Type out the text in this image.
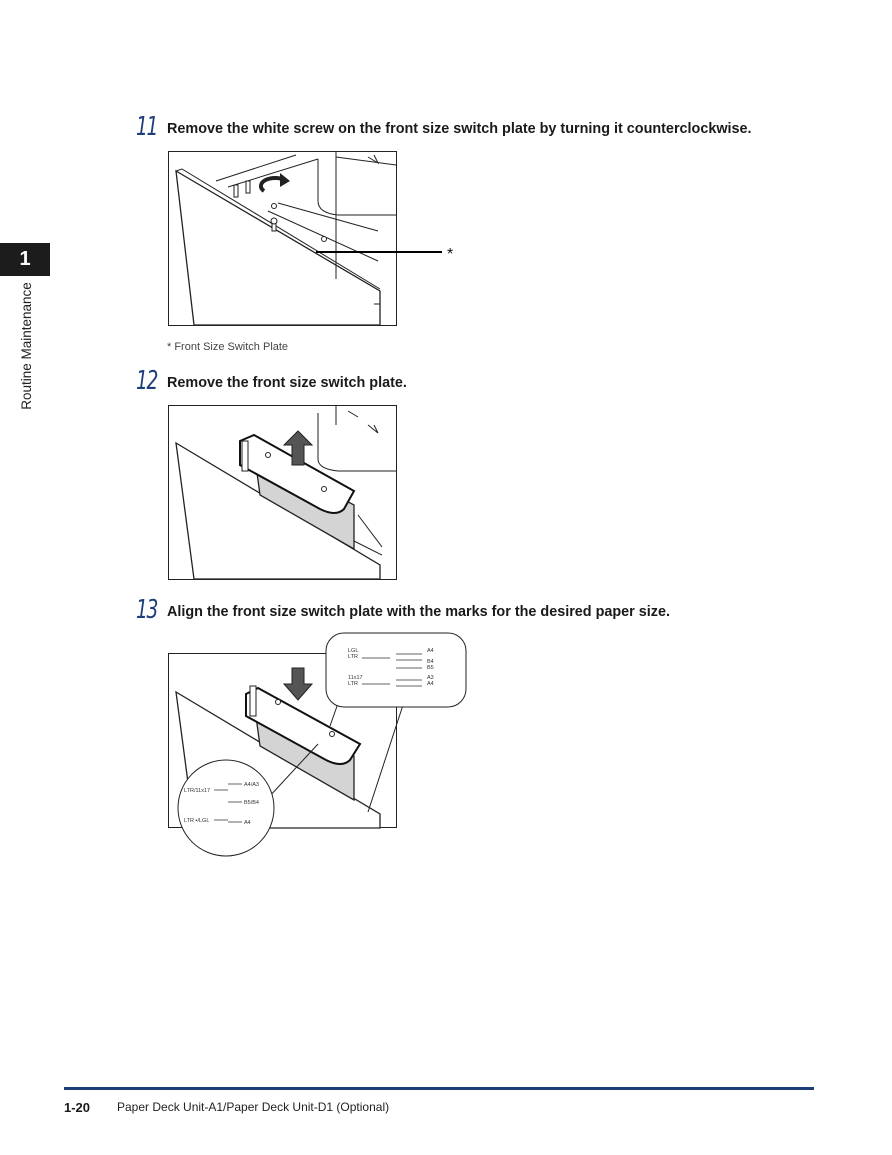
1
Routine Maintenance
11 Remove the white screw on the front size switch plate by turning it counterclockwise.
*
* Front Size Switch Plate
12 Remove the front size switch plate.
13 Align the front size switch plate with the marks for the desired paper size.
LGL
LTR
A4
B4
B5
11x17
LTR
A3
A4
A4/A3
LTR/11x17
B5/B4
LTR ▪/LGL	A4
1-20 Paper Deck Unit-A1/Paper Deck Unit-D1 (Optional)
